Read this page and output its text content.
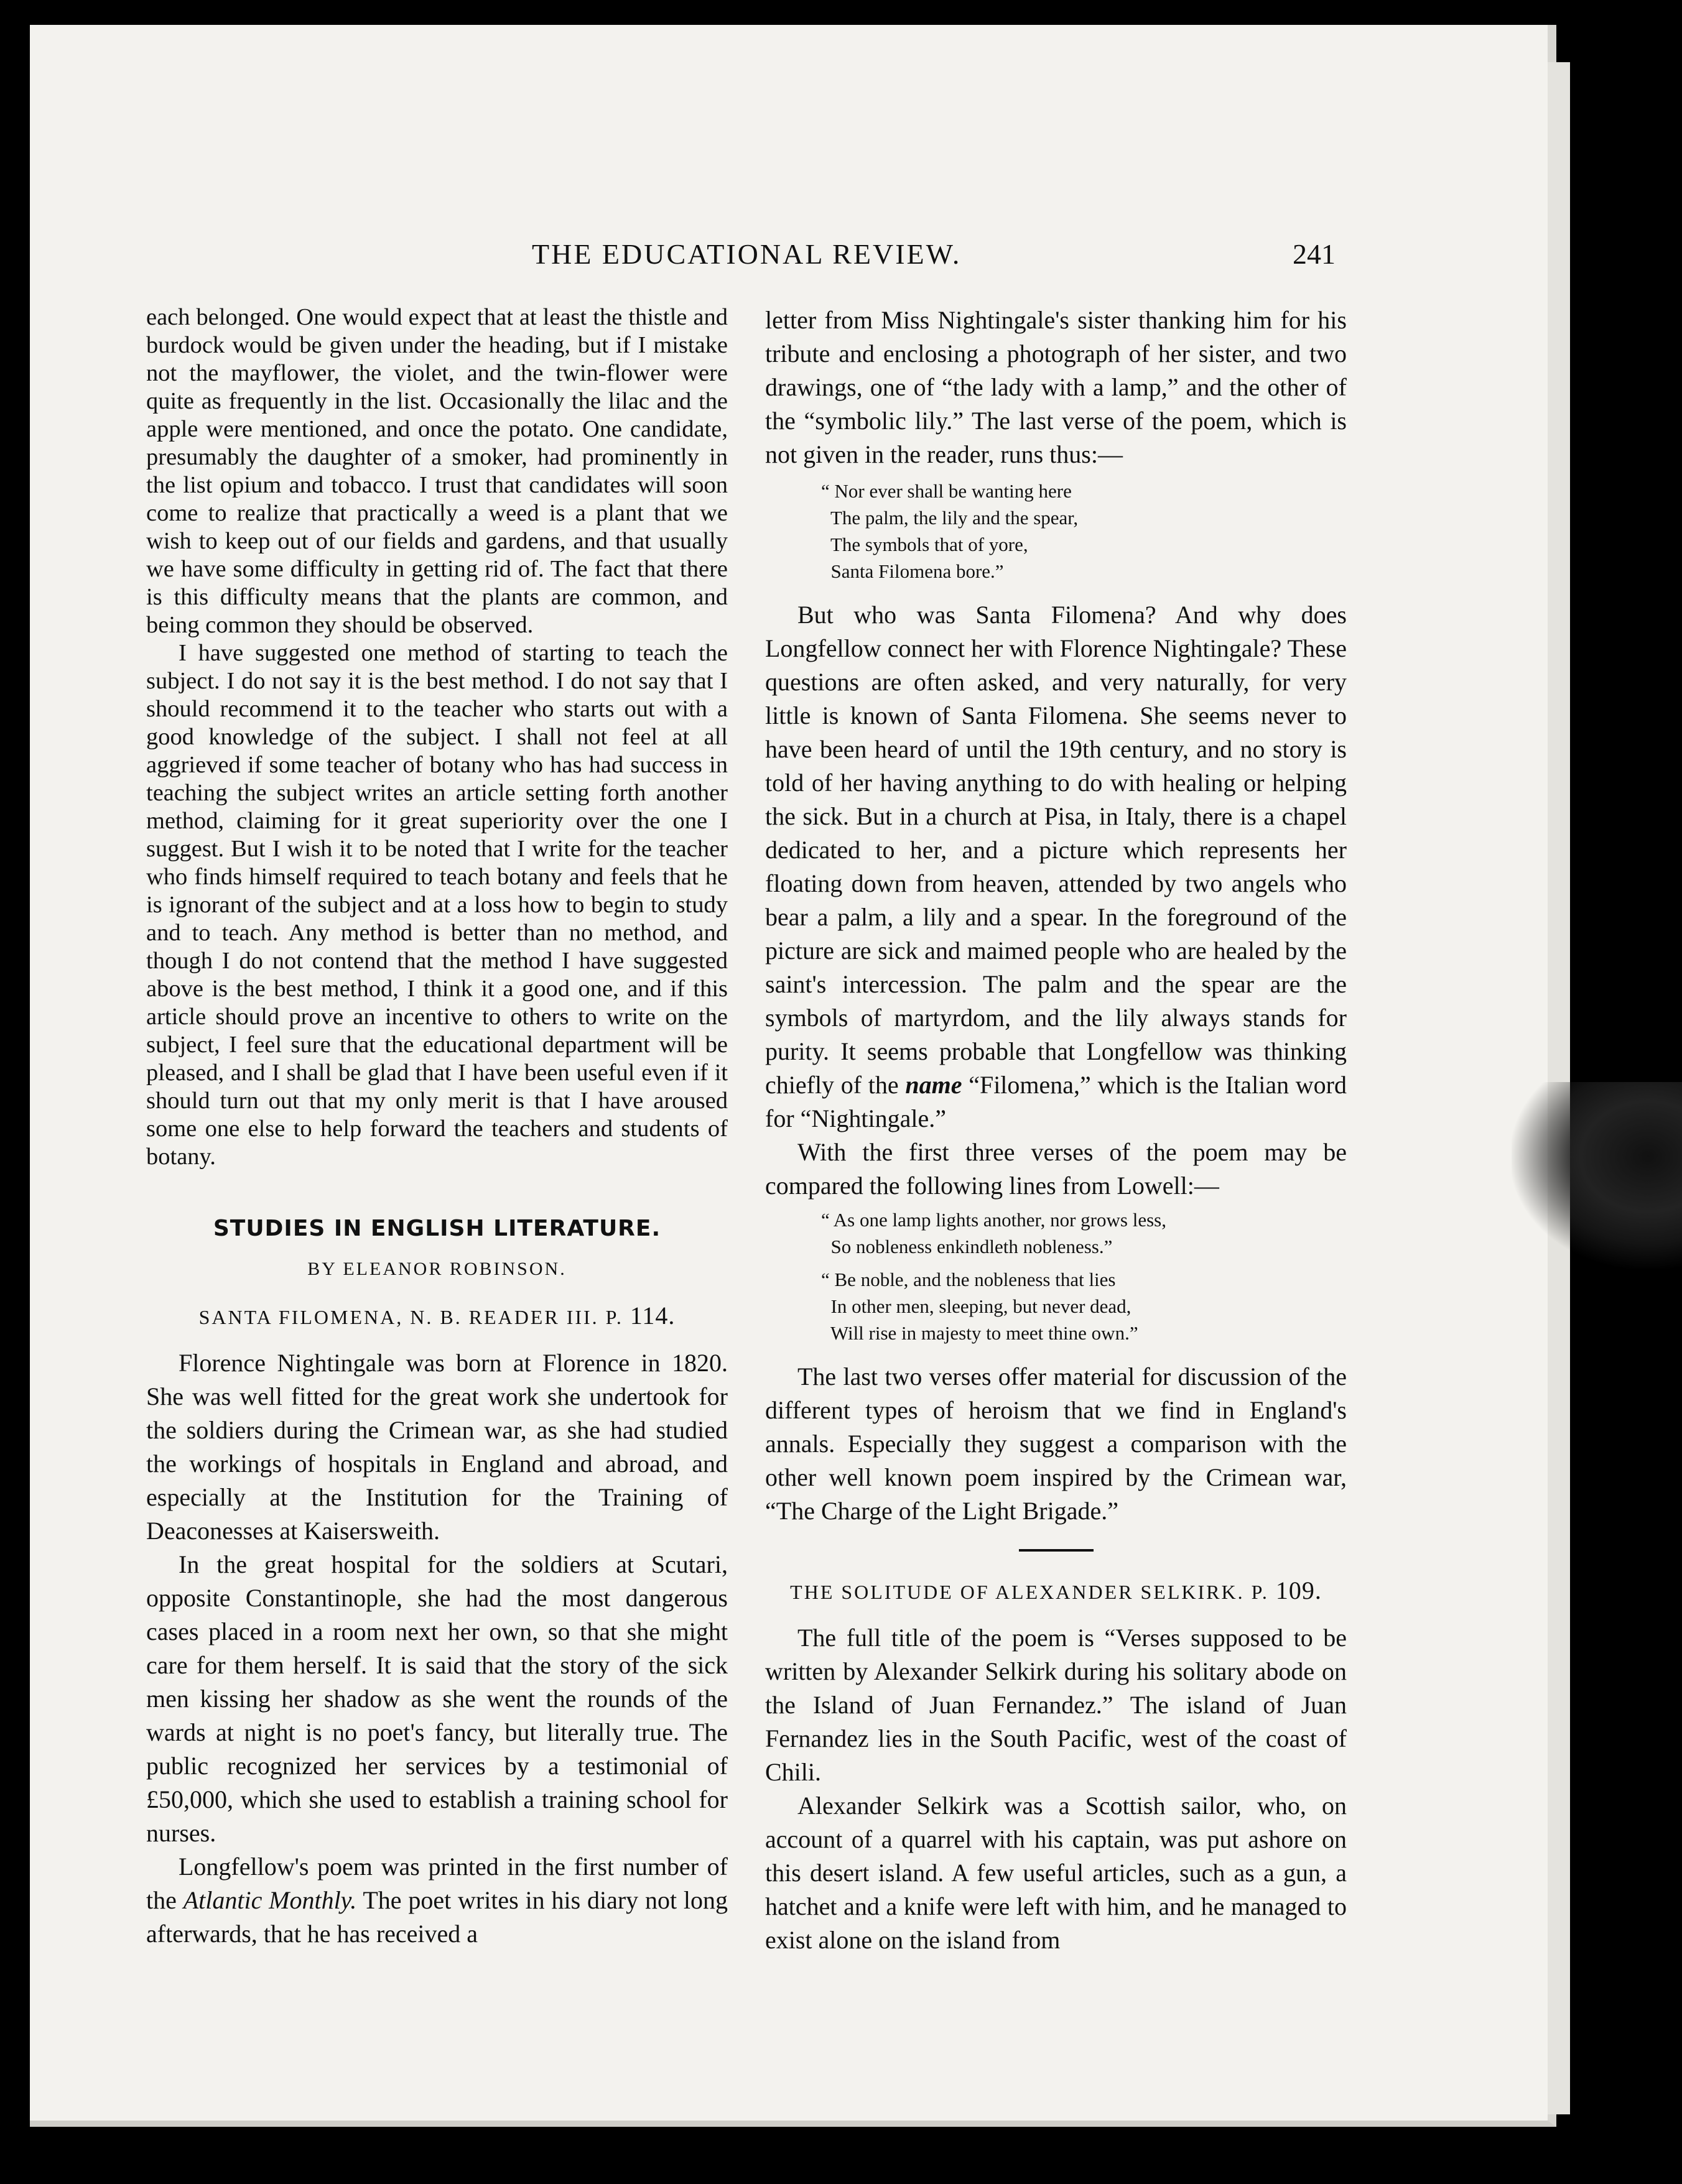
THE EDUCATIONAL REVIEW.	241

each belonged. One would expect that at least the thistle and burdock would be given under the heading, but if I mistake not the mayflower, the violet, and the twin-flower were quite as frequently in the list. Occasionally the lilac and the apple were mentioned, and once the potato. One candidate, presumably the daughter of a smoker, had prominently in the list opium and tobacco. I trust that candidates will soon come to realize that practically a weed is a plant that we wish to keep out of our fields and gardens, and that usually we have some difficulty in getting rid of. The fact that there is this difficulty means that the plants are common, and being common they should be observed.

I have suggested one method of starting to teach the subject. I do not say it is the best method. I do not say that I should recommend it to the teacher who starts out with a good knowledge of the subject. I shall not feel at all aggrieved if some teacher of botany who has had success in teaching the subject writes an article setting forth another method, claiming for it great superiority over the one I suggest. But I wish it to be noted that I write for the teacher who finds himself required to teach botany and feels that he is ignorant of the subject and at a loss how to begin to study and to teach. Any method is better than no method, and though I do not contend that the method I have suggested above is the best method, I think it a good one, and if this article should prove an incentive to others to write on the subject, I feel sure that the educational department will be pleased, and I shall be glad that I have been useful even if it should turn out that my only merit is that I have aroused some one else to help forward the teachers and students of botany.

STUDIES IN ENGLISH LITERATURE.
BY ELEANOR ROBINSON.
SANTA FILOMENA, N. B. READER III. P. 114.

Florence Nightingale was born at Florence in 1820. She was well fitted for the great work she undertook for the soldiers during the Crimean war, as she had studied the workings of hospitals in England and abroad, and especially at the Institution for the Training of Deaconesses at Kaisersweith.

In the great hospital for the soldiers at Scutari, opposite Constantinople, she had the most dangerous cases placed in a room next her own, so that she might care for them herself. It is said that the story of the sick men kissing her shadow as she went the rounds of the wards at night is no poet's fancy, but literally true. The public recognized her services by a testimonial of £50,000, which she used to establish a training school for nurses.

Longfellow's poem was printed in the first number of the Atlantic Monthly. The poet writes in his diary not long afterwards, that he has received a

letter from Miss Nightingale's sister thanking him for his tribute and enclosing a photograph of her sister, and two drawings, one of “the lady with a lamp,” and the other of the “symbolic lily.” The last verse of the poem, which is not given in the reader, runs thus:—

“ Nor ever shall be wanting here
The palm, the lily and the spear,
The symbols that of yore,
Santa Filomena bore.”

But who was Santa Filomena? And why does Longfellow connect her with Florence Nightingale? These questions are often asked, and very naturally, for very little is known of Santa Filomena. She seems never to have been heard of until the 19th century, and no story is told of her having anything to do with healing or helping the sick. But in a church at Pisa, in Italy, there is a chapel dedicated to her, and a picture which represents her floating down from heaven, attended by two angels who bear a palm, a lily and a spear. In the foreground of the picture are sick and maimed people who are healed by the saint's intercession. The palm and the spear are the symbols of martyrdom, and the lily always stands for purity. It seems probable that Longfellow was thinking chiefly of the name “Filomena,” which is the Italian word for “Nightingale.”

With the first three verses of the poem may be compared the following lines from Lowell:—

“ As one lamp lights another, nor grows less,
So nobleness enkindleth nobleness.”
“ Be noble, and the nobleness that lies
In other men, sleeping, but never dead,
Will rise in majesty to meet thine own.”

The last two verses offer material for discussion of the different types of heroism that we find in England's annals. Especially they suggest a comparison with the other well known poem inspired by the Crimean war, “The Charge of the Light Brigade.”

THE SOLITUDE OF ALEXANDER SELKIRK. P. 109.

The full title of the poem is “Verses supposed to be written by Alexander Selkirk during his solitary abode on the Island of Juan Fernandez.” The island of Juan Fernandez lies in the South Pacific, west of the coast of Chili.

Alexander Selkirk was a Scottish sailor, who, on account of a quarrel with his captain, was put ashore on this desert island. A few useful articles, such as a gun, a hatchet and a knife were left with him, and he managed to exist alone on the island from
